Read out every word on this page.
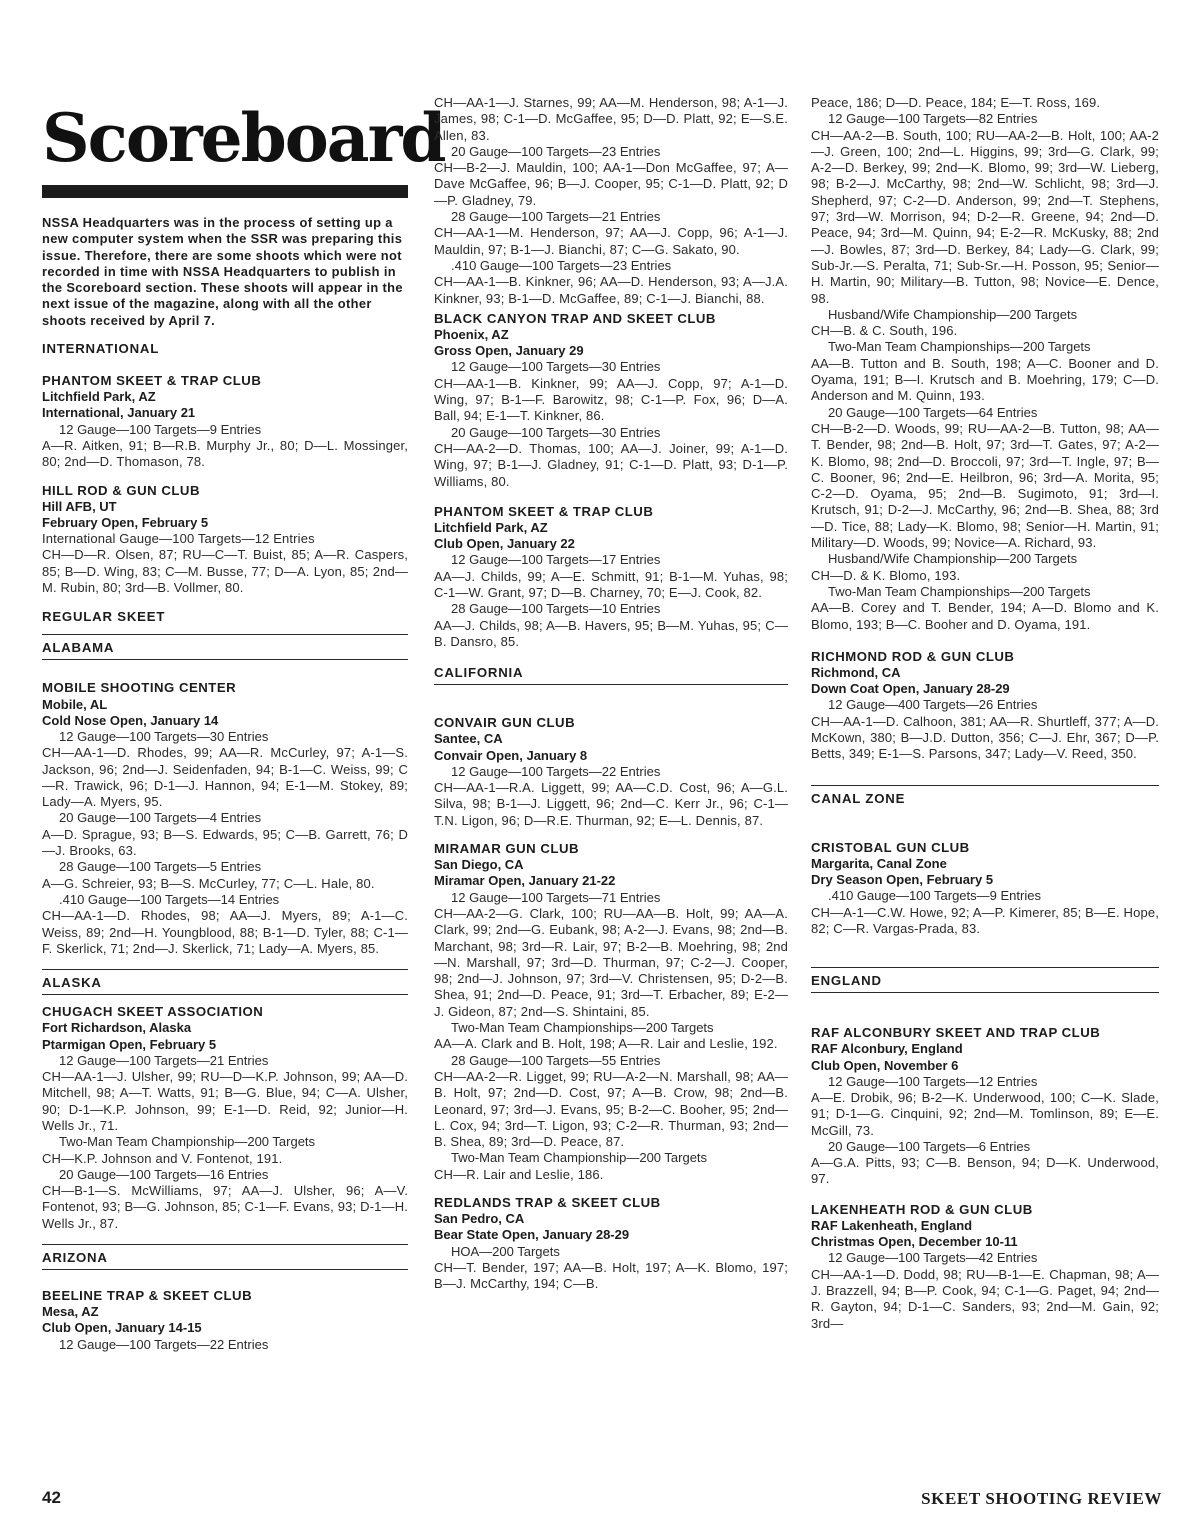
Scoreboard
NSSA Headquarters was in the process of setting up a new computer system when the SSR was preparing this issue. Therefore, there are some shoots which were not recorded in time with NSSA Headquarters to publish in the Scoreboard section. These shoots will appear in the next issue of the magazine, along with all the other shoots received by April 7.
INTERNATIONAL
PHANTOM SKEET & TRAP CLUB
Litchfield Park, AZ
International, January 21
12 Gauge—100 Targets—9 Entries
A—R. Aitken, 91; B—R.B. Murphy Jr., 80; D—L. Mossinger, 80; 2nd—D. Thomason, 78.
HILL ROD & GUN CLUB
Hill AFB, UT
February Open, February 5
International Gauge—100 Targets—12 Entries
CH—D—R. Olsen, 87; RU—C—T. Buist, 85; A—R. Caspers, 85; B—D. Wing, 83; C—M. Busse, 77; D—A. Lyon, 85; 2nd—M. Rubin, 80; 3rd—B. Vollmer, 80.
REGULAR SKEET
ALABAMA
MOBILE SHOOTING CENTER
Mobile, AL
Cold Nose Open, January 14
12 Gauge—100 Targets—30 Entries
CH—AA-1—D. Rhodes, 99; AA—R. McCurley, 97; A-1—S. Jackson, 96; 2nd—J. Seidenfaden, 94; B-1—C. Weiss, 99; C—R. Trawick, 96; D-1—J. Hannon, 94; E-1—M. Stokey, 89; Lady—A. Myers, 95.
20 Gauge—100 Targets—4 Entries
A—D. Sprague, 93; B—S. Edwards, 95; C—B. Garrett, 76; D—J. Brooks, 63.
28 Gauge—100 Targets—5 Entries
A—G. Schreier, 93; B—S. McCurley, 77; C—L. Hale, 80.
.410 Gauge—100 Targets—14 Entries
CH—AA-1—D. Rhodes, 98; AA—J. Myers, 89; A-1—C. Weiss, 89; 2nd—H. Youngblood, 88; B-1—D. Tyler, 88; C-1—F. Skerlick, 71; 2nd—J. Skerlick, 71; Lady—A. Myers, 85.
ALASKA
CHUGACH SKEET ASSOCIATION
Fort Richardson, Alaska
Ptarmigan Open, February 5
12 Gauge—100 Targets—21 Entries
CH—AA-1—J. Ulsher, 99; RU—D—K.P. Johnson, 99; AA—D. Mitchell, 98; A—T. Watts, 91; B—G. Blue, 94; C—A. Ulsher, 90; D-1—K.P. Johnson, 99; E-1—D. Reid, 92; Junior—H. Wells Jr., 71.
Two-Man Team Championship—200 Targets
CH—K.P. Johnson and V. Fontenot, 191.
20 Gauge—100 Targets—16 Entries
CH—B-1—S. McWilliams, 97; AA—J. Ulsher, 96; A—V. Fontenot, 93; B—G. Johnson, 85; C-1—F. Evans, 93; D-1—H. Wells Jr., 87.
ARIZONA
BEELINE TRAP & SKEET CLUB
Mesa, AZ
Club Open, January 14-15
12 Gauge—100 Targets—22 Entries
CH—AA-1—J. Starnes, 99; AA—M. Henderson, 98; A-1—J. James, 98; C-1—D. McGaffee, 95; D—D. Platt, 92; E—S.E. Allen, 83.
20 Gauge—100 Targets—23 Entries
CH—B-2—J. Mauldin, 100; AA-1—Don McGaffee, 97; A—Dave McGaffee, 96; B—J. Cooper, 95; C-1—D. Platt, 92; D—P. Gladney, 79.
28 Gauge—100 Targets—21 Entries
CH—AA-1—M. Henderson, 97; AA—J. Copp, 96; A-1—J. Mauldin, 97; B-1—J. Bianchi, 87; C—G. Sakato, 90.
.410 Gauge—100 Targets—23 Entries
CH—AA-1—B. Kinkner, 96; AA—D. Henderson, 93; A—J.A. Kinkner, 93; B-1—D. McGaffee, 89; C-1—J. Bianchi, 88.
BLACK CANYON TRAP AND SKEET CLUB
Phoenix, AZ
Gross Open, January 29
12 Gauge—100 Targets—30 Entries
CH—AA-1—B. Kinkner, 99; AA—J. Copp, 97; A-1—D. Wing, 97; B-1—F. Barowitz, 98; C-1—P. Fox, 96; D—A. Ball, 94; E-1—T. Kinkner, 86.
20 Gauge—100 Targets—30 Entries
CH—AA-2—D. Thomas, 100; AA—J. Joiner, 99; A-1—D. Wing, 97; B-1—J. Gladney, 91; C-1—D. Platt, 93; D-1—P. Williams, 80.
PHANTOM SKEET & TRAP CLUB
Litchfield Park, AZ
Club Open, January 22
12 Gauge—100 Targets—17 Entries
AA—J. Childs, 99; A—E. Schmitt, 91; B-1—M. Yuhas, 98; C-1—W. Grant, 97; D—B. Charney, 70; E—J. Cook, 82.
28 Gauge—100 Targets—10 Entries
AA—J. Childs, 98; A—B. Havers, 95; B—M. Yuhas, 95; C—B. Dansro, 85.
CALIFORNIA
CONVAIR GUN CLUB
Santee, CA
Convair Open, January 8
12 Gauge—100 Targets—22 Entries
CH—AA-1—R.A. Liggett, 99; AA—C.D. Cost, 96; A—G.L. Silva, 98; B-1—J. Liggett, 96; 2nd—C. Kerr Jr., 96; C-1—T.N. Ligon, 96; D—R.E. Thurman, 92; E—L. Dennis, 87.
MIRAMAR GUN CLUB
San Diego, CA
Miramar Open, January 21-22
12 Gauge—100 Targets—71 Entries
CH—AA-2—G. Clark, 100; RU—AA—B. Holt, 99; AA—A. Clark, 99; 2nd—G. Eubank, 98; A-2—J. Evans, 98; 2nd—B. Marchant, 98; 3rd—R. Lair, 97; B-2—B. Moehring, 98; 2nd—N. Marshall, 97; 3rd—D. Thurman, 97; C-2—J. Cooper, 98; 2nd—J. Johnson, 97; 3rd—V. Christensen, 95; D-2—B. Shea, 91; 2nd—D. Peace, 91; 3rd—T. Erbacher, 89; E-2—J. Gideon, 87; 2nd—S. Shintaini, 85.
Two-Man Team Championships—200 Targets
AA—A. Clark and B. Holt, 198; A—R. Lair and Leslie, 192.
28 Gauge—100 Targets—55 Entries
CH—AA-2—R. Ligget, 99; RU—A-2—N. Marshall, 98; AA—B. Holt, 97; 2nd—D. Cost, 97; A—B. Crow, 98; 2nd—B. Leonard, 97; 3rd—J. Evans, 95; B-2—C. Booher, 95; 2nd—L. Cox, 94; 3rd—T. Ligon, 93; C-2—R. Thurman, 93; 2nd—B. Shea, 89; 3rd—D. Peace, 87.
Two-Man Team Championship—200 Targets
CH—R. Lair and Leslie, 186.
REDLANDS TRAP & SKEET CLUB
San Pedro, CA
Bear State Open, January 28-29
HOA—200 Targets
CH—T. Bender, 197; AA—B. Holt, 197; A—K. Blomo, 197; B—J. McCarthy, 194; C—B.
Peace, 186; D—D. Peace, 184; E—T. Ross, 169.
12 Gauge—100 Targets—82 Entries
CH—AA-2—B. South, 100; RU—AA-2—B. Holt, 100; AA-2—J. Green, 100; 2nd—L. Higgins, 99; 3rd—G. Clark, 99; A-2—D. Berkey, 99; 2nd—K. Blomo, 99; 3rd—W. Lieberg, 98; B-2—J. McCarthy, 98; 2nd—W. Schlicht, 98; 3rd—J. Shepherd, 97; C-2—D. Anderson, 99; 2nd—T. Stephens, 97; 3rd—W. Morrison, 94; D-2—R. Greene, 94; 2nd—D. Peace, 94; 3rd—M. Quinn, 94; E-2—R. McKusky, 88; 2nd—J. Bowles, 87; 3rd—D. Berkey, 84; Lady—G. Clark, 99; Sub-Jr.—S. Peralta, 71; Sub-Sr.—H. Posson, 95; Senior—H. Martin, 90; Military—B. Tutton, 98; Novice—E. Dence, 98.
Husband/Wife Championship—200 Targets
CH—B. & C. South, 196.
Two-Man Team Championships—200 Targets
AA—B. Tutton and B. South, 198; A—C. Booner and D. Oyama, 191; B—I. Krutsch and B. Moehring, 179; C—D. Anderson and M. Quinn, 193.
20 Gauge—100 Targets—64 Entries
CH—B-2—D. Woods, 99; RU—AA-2—B. Tutton, 98; AA—T. Bender, 98; 2nd—B. Holt, 97; 3rd—T. Gates, 97; A-2—K. Blomo, 98; 2nd—D. Broccoli, 97; 3rd—T. Ingle, 97; B—C. Booner, 96; 2nd—E. Heilbron, 96; 3rd—A. Morita, 95; C-2—D. Oyama, 95; 2nd—B. Sugimoto, 91; 3rd—I. Krutsch, 91; D-2—J. McCarthy, 96; 2nd—B. Shea, 88; 3rd—D. Tice, 88; Lady—K. Blomo, 98; Senior—H. Martin, 91; Military—D. Woods, 99; Novice—A. Richard, 93.
Husband/Wife Championship—200 Targets
CH—D. & K. Blomo, 193.
Two-Man Team Championships—200 Targets
AA—B. Corey and T. Bender, 194; A—D. Blomo and K. Blomo, 193; B—C. Booher and D. Oyama, 191.
RICHMOND ROD & GUN CLUB
Richmond, CA
Down Coat Open, January 28-29
12 Gauge—400 Targets—26 Entries
CH—AA-1—D. Calhoon, 381; AA—R. Shurtleff, 377; A—D. McKown, 380; B—J.D. Dutton, 356; C—J. Ehr, 367; D—P. Betts, 349; E-1—S. Parsons, 347; Lady—V. Reed, 350.
CANAL ZONE
CRISTOBAL GUN CLUB
Margarita, Canal Zone
Dry Season Open, February 5
.410 Gauge—100 Targets—9 Entries
CH—A-1—C.W. Howe, 92; A—P. Kimerer, 85; B—E. Hope, 82; C—R. Vargas-Prada, 83.
ENGLAND
RAF ALCONBURY SKEET AND TRAP CLUB
RAF Alconbury, England
Club Open, November 6
12 Gauge—100 Targets—12 Entries
A—E. Drobik, 96; B-2—K. Underwood, 100; C—K. Slade, 91; D-1—G. Cinquini, 92; 2nd—M. Tomlinson, 89; E—E. McGill, 73.
20 Gauge—100 Targets—6 Entries
A—G.A. Pitts, 93; C—B. Benson, 94; D—K. Underwood, 97.
LAKENHEATH ROD & GUN CLUB
RAF Lakenheath, England
Christmas Open, December 10-11
12 Gauge—100 Targets—42 Entries
CH—AA-1—D. Dodd, 98; RU—B-1—E. Chapman, 98; A—J. Brazzell, 94; B—P. Cook, 94; C-1—G. Paget, 94; 2nd—R. Gayton, 94; D-1—C. Sanders, 93; 2nd—M. Gain, 92; 3rd—
42	SKEET SHOOTING REVIEW
